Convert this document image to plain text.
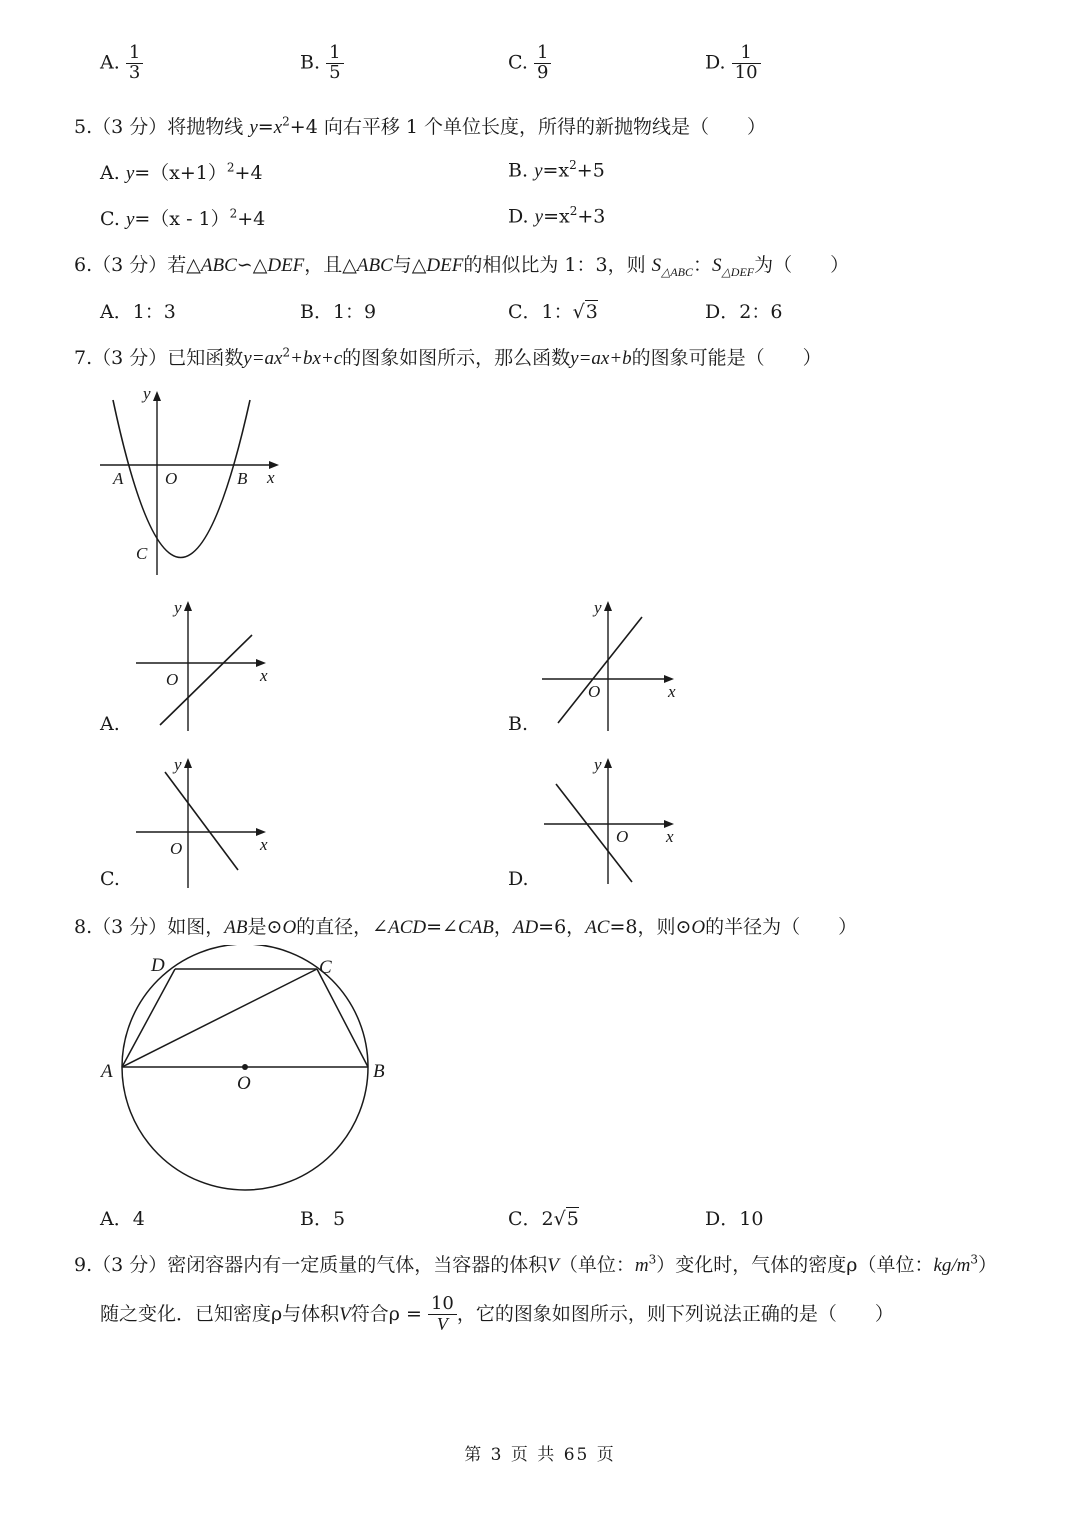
A. $\frac{1}{3}$	B. $\frac{1}{5}$	C. $\frac{1}{9}$	D. $\frac{1}{10}$
5.（3 分）将抛物线 $y=x^2+4$ 向右平移 1 个单位长度，所得的新抛物线是（　　）
A. $y=(x+1)^2+4$	B. $y=x^2+5$
C. y=（x - 1）$^2$+4	D. $y=x^2+3$
6.（3 分）若△ABC∽△DEF，且△ABC与△DEF的相似比为 1：3，则 $S_{\triangle ABC}$：$S_{\triangle DEF}$为（　　）
A．1：3	B．1：9	C．1：√3	D．2：6
7.（3 分）已知函数$y=ax^2+bx+c$的图象如图所示，那么函数y=ax+b的图象可能是（　　）
y
x
A O	B
C
y
x
O
A.
y
x
O
B.
y
x
O
C.
y
x
O
D.
8.（3 分）如图，AB是⊙O的直径，∠ACD=∠CAB，AD=6，AC=8，则⊙O的半径为（　　）
D	C
A
O
B
A．4	B．5	C．2√5	D．10
9.（3 分）密闭容器内有一定质量的气体，当容器的体积V（单位：$m^3$）变化时，气体的密度ρ（单位：$kg/m^3$）
随之变化．已知密度ρ与体积V符合$\rho = \frac{10}{V}$ ，它的图象如图所示，则下列说法正确的是（　　）
第 3 页 共 65 页
